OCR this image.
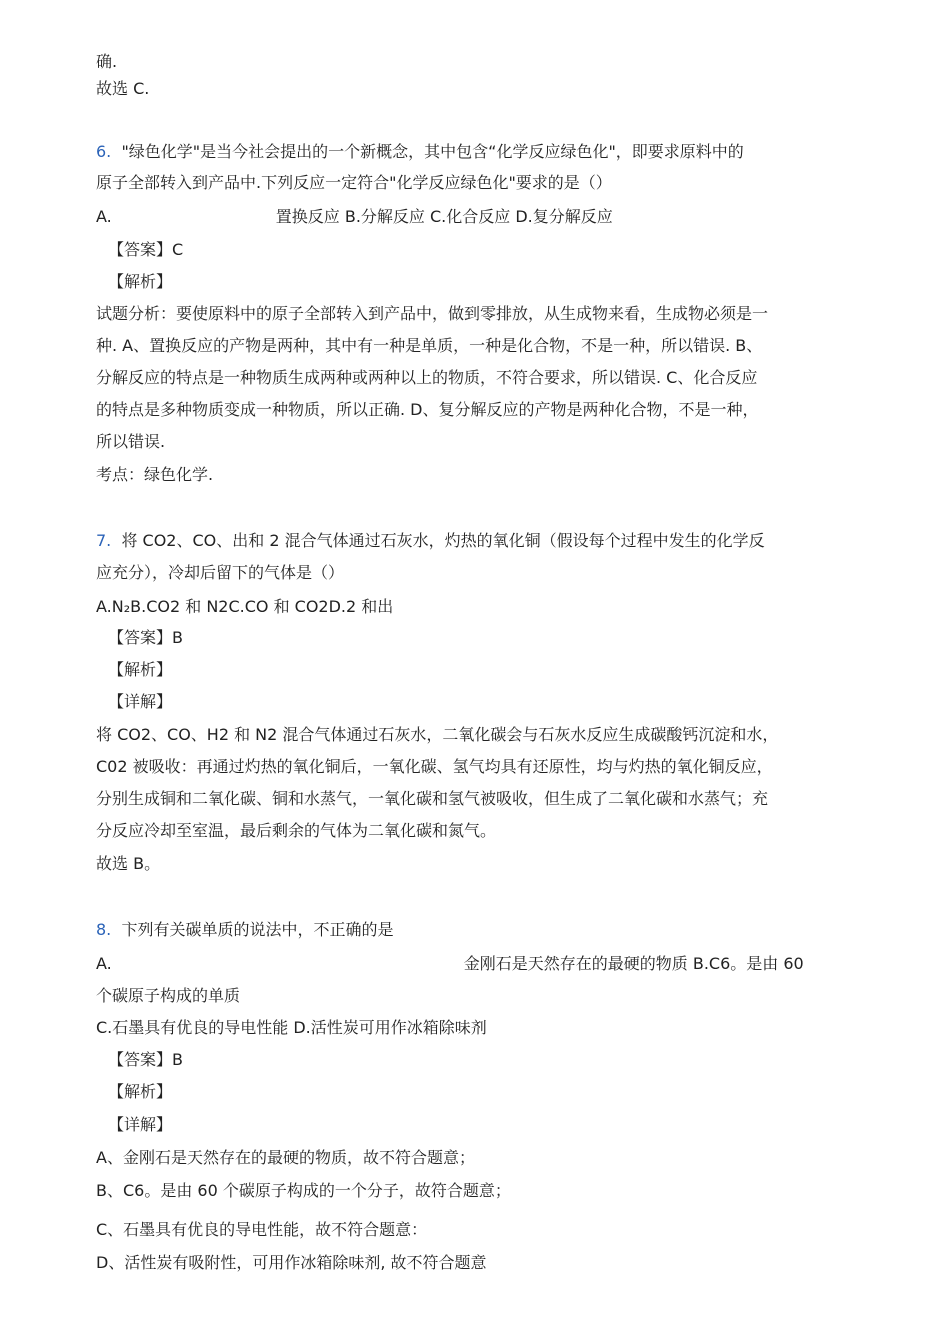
确.
故选 C.
6. "绿色化学"是当今社会提出的一个新概念，其中包含“化学反应绿色化"，即要求原料中的
原子全部转入到产品中.下列反应一定符合"化学反应绿色化"要求的是（）
A.	置换反应 B.分解反应 C.化合反应 D.复分解反应
【答案】C
【解析】
试题分析：要使原料中的原子全部转入到产品中，做到零排放，从生成物来看，生成物必须是一
种. A、置换反应的产物是两种，其中有一种是单质，一种是化合物，不是一种，所以错误. B、
分解反应的特点是一种物质生成两种或两种以上的物质，不符合要求，所以错误. C、化合反应
的特点是多种物质变成一种物质，所以正确. D、复分解反应的产物是两种化合物，不是一种，
所以错误.
考点：绿色化学.
7. 将 CO2、CO、出和 2 混合气体通过石灰水，灼热的氧化铜（假设每个过程中发生的化学反
应充分），冷却后留下的气体是（）
A.N₂B.CO2 和 N2C.CO 和 CO2D.2 和出
【答案】B
【解析】
【详解】
将 CO2、CO、H2 和 N2 混合气体通过石灰水，二氧化碳会与石灰水反应生成碳酸钙沉淀和水，
C02 被吸收：再通过灼热的氧化铜后，一氧化碳、氢气均具有还原性，均与灼热的氧化铜反应，
分别生成铜和二氧化碳、铜和水蒸气，一氧化碳和氢气被吸收，但生成了二氧化碳和水蒸气；充
分反应冷却至室温，最后剩余的气体为二氧化碳和氮气。
故选 B。
8. 卞列有关碳单质的说法中，不正确的是
A.	金刚石是天然存在的最硬的物质 B.C6。是由 60
个碳原子构成的单质
C.石墨具有优良的导电性能 D.活性炭可用作冰箱除味剂
【答案】B
【解析】
【详解】
A、金刚石是天然存在的最硬的物质，故不符合题意；
B、C6。是由 60 个碳原子构成的一个分子，故符合题意；
C、石墨具有优良的导电性能，故不符合题意：
D、活性炭有吸附性，可用作冰箱除味剂, 故不符合题意
